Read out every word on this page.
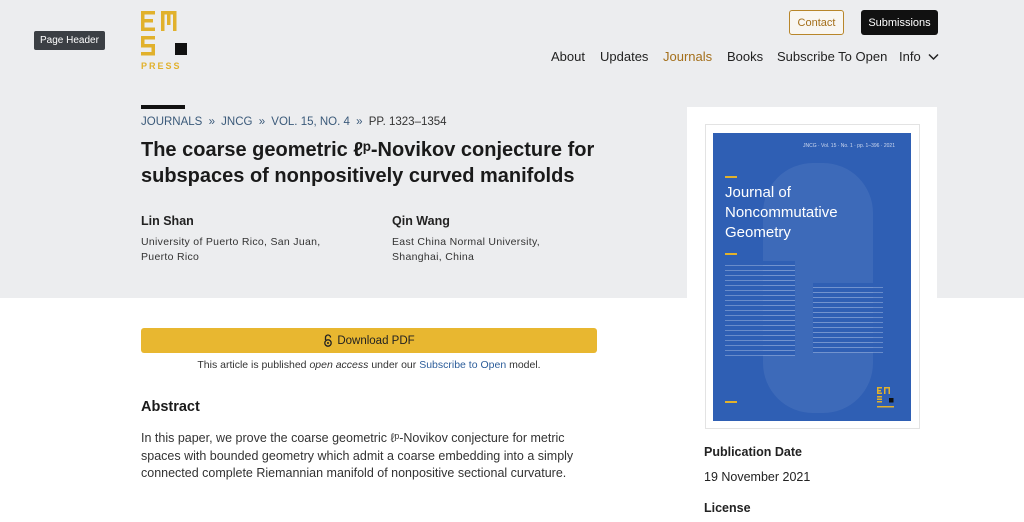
Page Header
PRESS
Contact	Submissions
About Updates Journals Books Subscribe To Open Info
JOURNALS » JNCG » VOL. 15, NO. 4 » PP. 1323–1354
The coarse geometric ℓᵖ-Novikov conjecture for
subspaces of nonpositively curved manifolds
Lin Shan
University of Puerto Rico, San Juan,
Puerto Rico
Qin Wang
East China Normal University,
Shanghai, China
JNCG · Vol. 15 · No. 1 · pp. 1–396 · 2021
Journal of
Noncommutative
Geometry
Publication Date
19 November 2021
License
Download PDF
This article is published open access under our Subscribe to Open model.
Abstract
In this paper, we prove the coarse geometric ℓᵖ-Novikov conjecture for metric spaces with bounded geometry which admit a coarse embedding into a simply connected complete Riemannian manifold of nonpositive sectional curvature.
